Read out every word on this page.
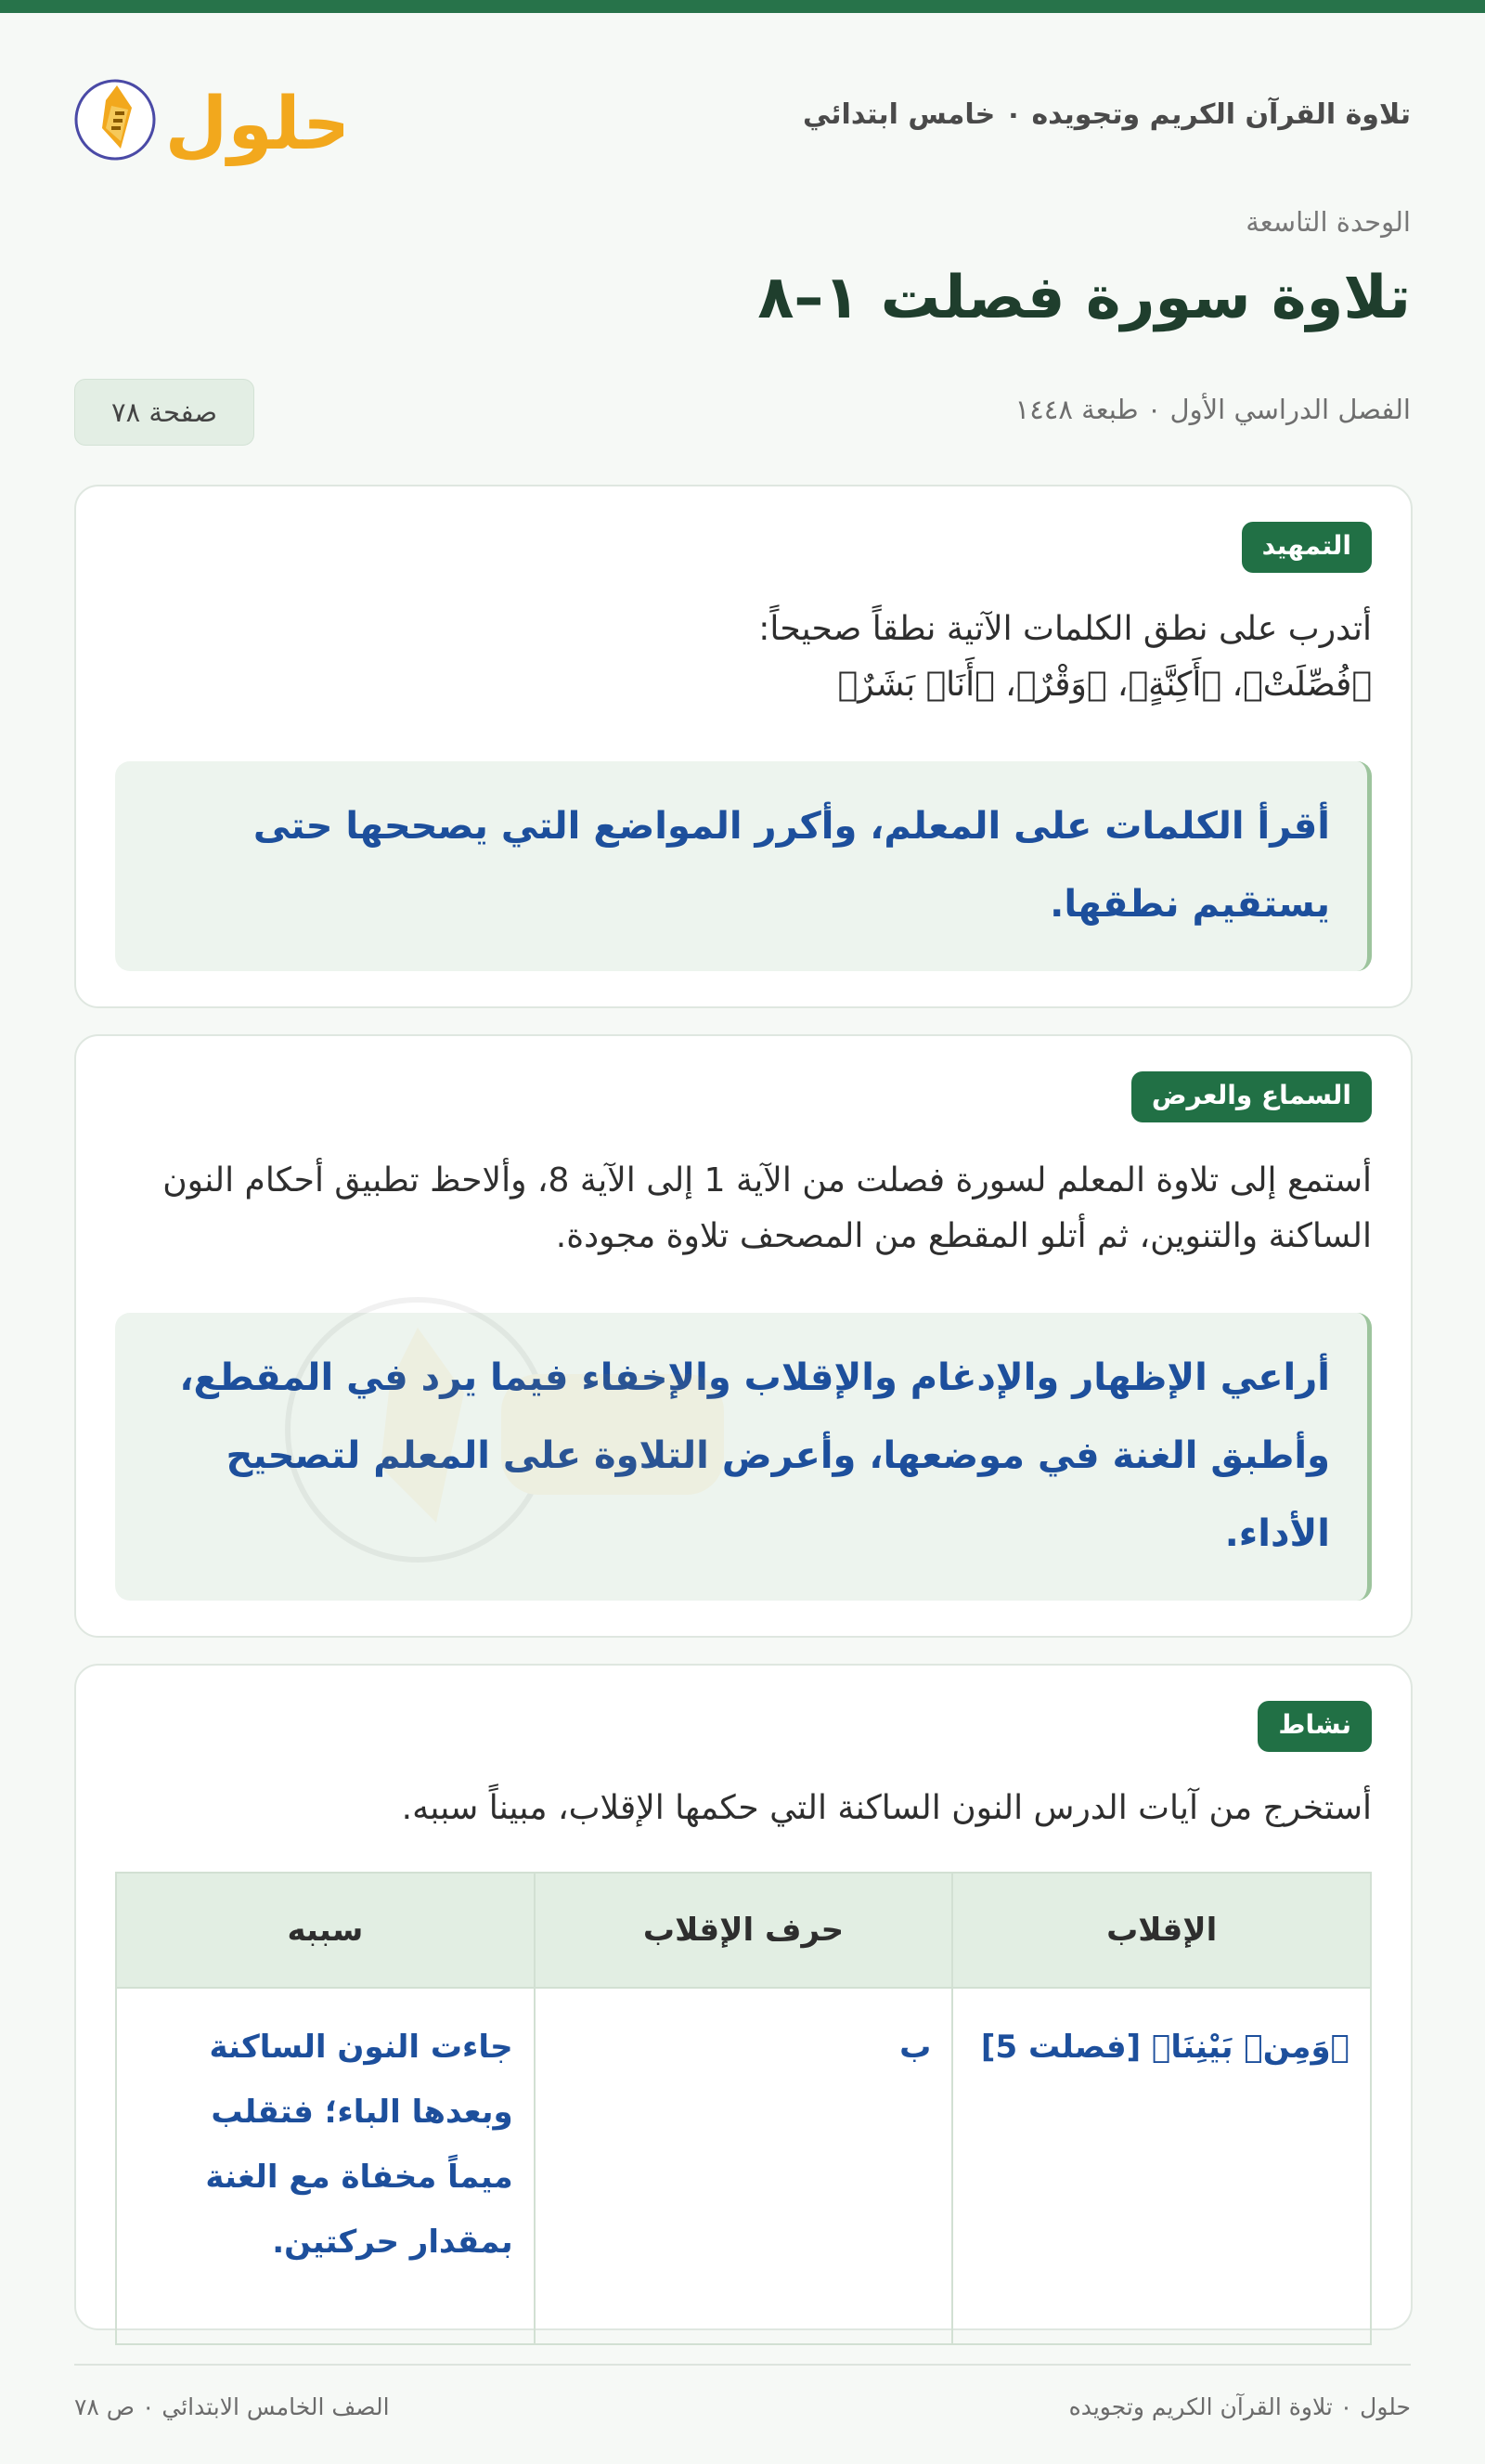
تلاوة القرآن الكريم وتجويده ٠ خامس ابتدائي
حلول
الوحدة التاسعة
تلاوة سورة فصلت ١–٨
الفصل الدراسي الأول ٠ طبعة ١٤٤٨
صفحة ٧٨
التمهيد
أتدرب على نطق الكلمات الآتية نطقاً صحيحاً:
﴿فُصِّلَتْ﴾، ﴿أَكِنَّةٍ﴾، ﴿وَقْرٌ﴾، ﴿أَنَا۠ بَشَرٌ﴾
أقرأ الكلمات على المعلم، وأكرر المواضع التي يصححها حتى يستقيم نطقها.
السماع والعرض
أستمع إلى تلاوة المعلم لسورة فصلت من الآية 1 إلى الآية 8، وألاحظ تطبيق أحكام النون الساكنة والتنوين، ثم أتلو المقطع من المصحف تلاوة مجودة.
أراعي الإظهار والإدغام والإقلاب والإخفاء فيما يرد في المقطع، وأطبق الغنة في موضعها، وأعرض التلاوة على المعلم لتصحيح الأداء.
نشاط
أستخرج من آيات الدرس النون الساكنة التي حكمها الإقلاب، مبيناً سببه.
الإقلاب	حرف الإقلاب	سببه
﴿وَمِنۢ بَيْنِنَا﴾ [فصلت 5]	ب	جاءت النون الساكنة وبعدها الباء؛ فتقلب ميماً مخفاة مع الغنة بمقدار حركتين.
حلول ٠ تلاوة القرآن الكريم وتجويده
الصف الخامس الابتدائي ٠ ص ٧٨
